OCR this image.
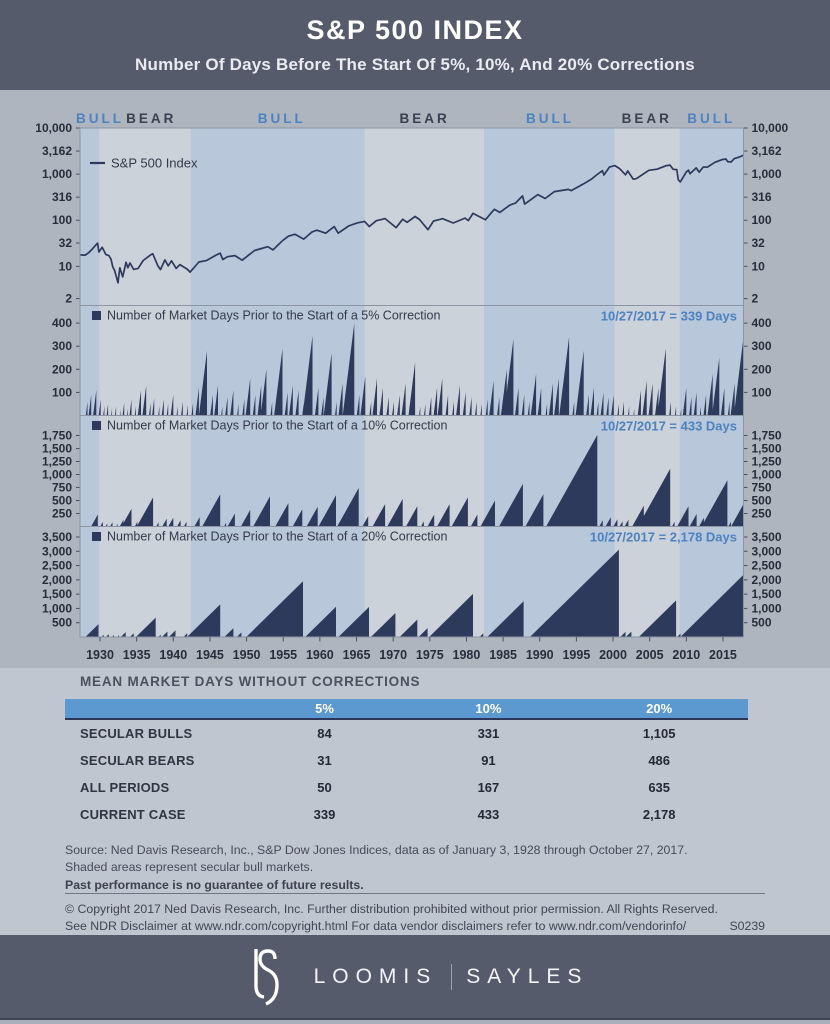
S&P 500 INDEX
Number Of Days Before The Start Of 5%, 10%, And 20% Corrections
BULL BEAR	BULL	BEAR	BULL	BEAR BULL
10,000	10,000
3,162	3,162
1,000	1,000
316	316
100	100
32	32
10	10
2	2
S&P 500 Index
400	400
300	300
200	200
100	100
Number of Market Days Prior to the Start of a 5% Correction	10/27/2017 = 339 Days
1,750	1,750
1,500	1,500
1,250	1,250
1,000	1,000
750	750
500	500
250	250
Number of Market Days Prior to the Start of a 10% Correction	10/27/2017 = 433 Days
3,500	3,500
3,000	3,000
2,500	2,500
2,000	2,000
1,500	1,500
1,000	1,000
500	500
Number of Market Days Prior to the Start of a 20% Correction	10/27/2017 = 2,178 Days
1930 1935 1940 1945 1950 1955 1960 1965 1970 1975 1980 1985 1990 1995 2000 2005 2010 2015
MEAN MARKET DAYS WITHOUT CORRECTIONS
5%	10%	20%
SECULAR BULLS	84	331	1,105
SECULAR BEARS	31	91	486
ALL PERIODS	50	167	635
CURRENT CASE	339	433	2,178
Source: Ned Davis Research, Inc., S&P Dow Jones Indices, data as of January 3, 1928 through October 27, 2017.
Shaded areas represent secular bull markets.
Past performance is no guarantee of future results.
© Copyright 2017 Ned Davis Research, Inc. Further distribution prohibited without prior permission. All Rights Reserved.
See NDR Disclaimer at www.ndr.com/copyright.html For data vendor disclaimers refer to www.ndr.com/vendorinfo/	S0239
LOOMIS SAYLES
